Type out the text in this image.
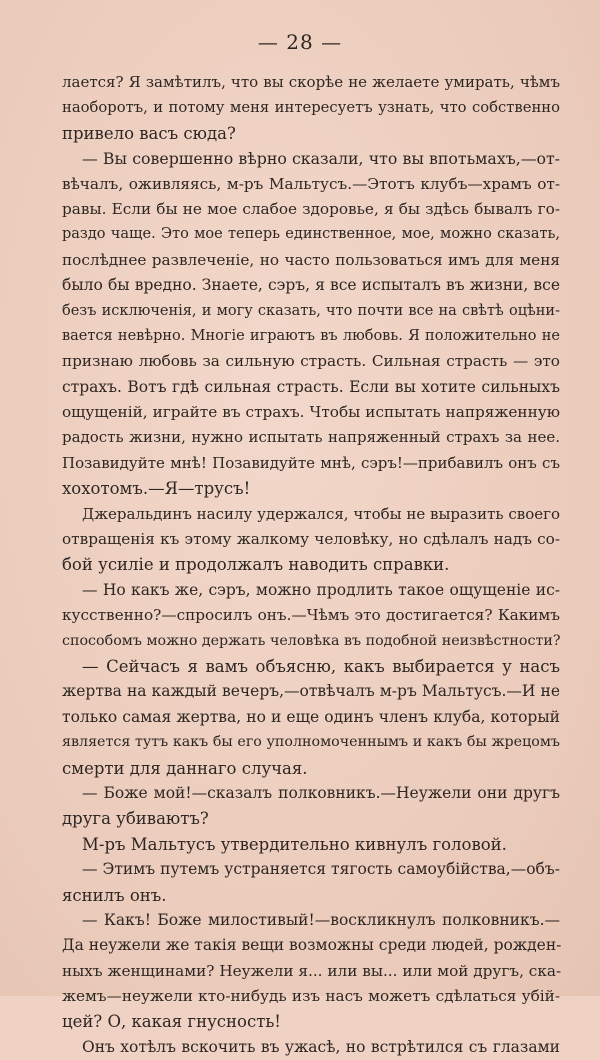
— 28 —
лается? Я замѣтилъ, что вы скорѣе не желаете умирать, чѣмъ
наоборотъ, и потому меня интересуетъ узнать, что собственно
привело васъ сюда?
— Вы совершенно вѣрно сказали, что вы впотьмахъ,—от-
вѣчалъ, оживляясь, м-ръ Мальтусъ.—Этотъ клубъ—храмъ от-
равы. Если бы не мое слабое здоровье, я бы здѣсь бывалъ го-
раздо чаще. Это мое теперь единственное, мое, можно сказать,
послѣднее развлеченіе, но часто пользоваться имъ для меня
было бы вредно. Знаете, сэръ, я все испыталъ въ жизни, все
безъ исключенія, и могу сказать, что почти все на свѣтѣ оцѣни-
вается невѣрно. Многіе играютъ въ любовь. Я положительно не
признаю любовь за сильную страсть. Сильная страсть — это
страхъ. Вотъ гдѣ сильная страсть. Если вы хотите сильныхъ
ощущеній, играйте въ страхъ. Чтобы испытать напряженную
радость жизни, нужно испытать напряженный страхъ за нее.
Позавидуйте мнѣ! Позавидуйте мнѣ, сэръ!—прибавилъ онъ съ
хохотомъ.—Я—трусъ!
Джеральдинъ насилу удержался, чтобы не выразить своего
отвращенія къ этому жалкому человѣку, но сдѣлалъ надъ со-
бой усиліе и продолжалъ наводить справки.
— Но какъ же, сэръ, можно продлить такое ощущеніе ис-
кусственно?—спросилъ онъ.—Чѣмъ это достигается? Какимъ
способомъ можно держать человѣка въ подобной неизвѣстности?
— Сейчасъ я вамъ объясню, какъ выбирается у насъ
жертва на каждый вечеръ,—отвѣчалъ м-ръ Мальтусъ.—И не
только самая жертва, но и еще одинъ членъ клуба, который
является тутъ какъ бы его уполномоченнымъ и какъ бы жрецомъ
смерти для даннаго случая.
— Боже мой!—сказалъ полковникъ.—Неужели они другъ
друга убиваютъ?
М-ръ Мальтусъ утвердительно кивнулъ головой.
— Этимъ путемъ устраняется тягость самоубійства,—объ-
яснилъ онъ.
— Какъ! Боже милостивый!—воскликнулъ полковникъ.—
Да неужели же такія вещи возможны среди людей, рожден-
ныхъ женщинами? Неужели я... или вы... или мой другъ, ска-
жемъ—неужели кто-нибудь изъ насъ можетъ сдѣлаться убій-
цей? О, какая гнусность!
Онъ хотѣлъ вскочить въ ужасѣ, но встрѣтился съ глазами
